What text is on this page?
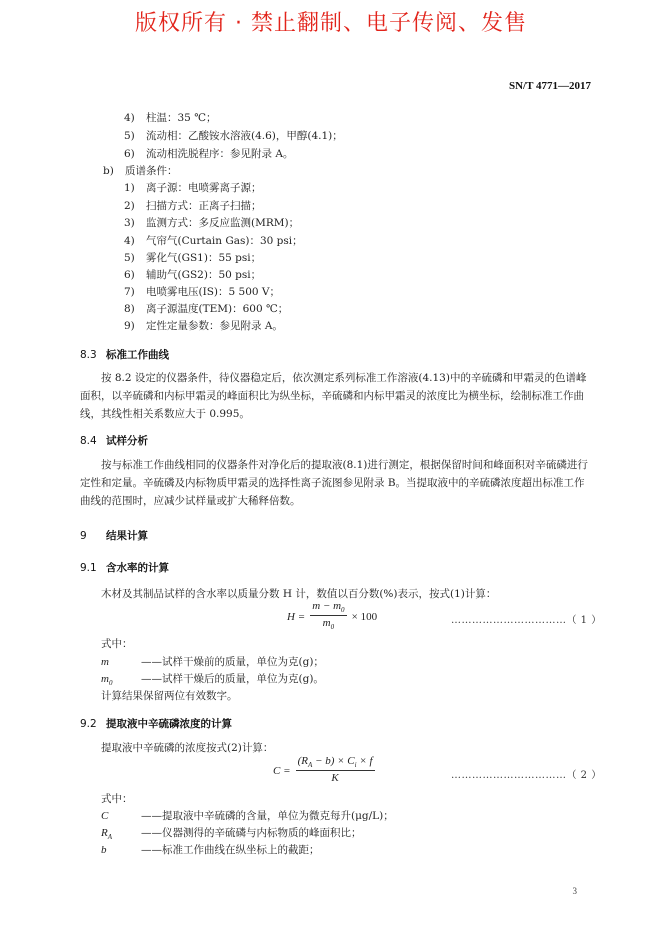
版权所有 · 禁止翻制、电子传阅、发售
SN/T 4771—2017
4) 柱温：35 ℃；
5) 流动相：乙酸铵水溶液(4.6)，甲醇(4.1)；
6) 流动相洗脱程序：参见附录 A。
b) 质谱条件：
1) 离子源：电喷雾离子源；
2) 扫描方式：正离子扫描；
3) 监测方式：多反应监测(MRM)；
4) 气帘气(Curtain Gas)：30 psi；
5) 雾化气(GS1)：55 psi；
6) 辅助气(GS2)：50 psi；
7) 电喷雾电压(IS)：5 500 V；
8) 离子源温度(TEM)：600 ℃；
9) 定性定量参数：参见附录 A。
8.3 标准工作曲线
按 8.2 设定的仪器条件，待仪器稳定后，依次测定系列标准工作溶液(4.13)中的辛硫磷和甲霜灵的色谱峰面积，以辛硫磷和内标甲霜灵的峰面积比为纵坐标，辛硫磷和内标甲霜灵的浓度比为横坐标，绘制标准工作曲线，其线性相关系数应大于 0.995。
8.4 试样分析
按与标准工作曲线相同的仪器条件对净化后的提取液(8.1)进行测定，根据保留时间和峰面积对辛硫磷进行定性和定量。辛硫磷及内标物质甲霜灵的选择性离子流图参见附录 B。当提取液中的辛硫磷浓度超出标准工作曲线的范围时，应减少试样量或扩大稀释倍数。
9 结果计算
9.1 含水率的计算
木材及其制品试样的含水率以质量分数 H 计，数值以百分数(%)表示，按式(1)计算：
$H = \frac{m - m_0}{m_0} \times 100$	……………………………（ 1 ）
式中：
m	——试样干燥前的质量，单位为克(g)；
$m_0$	——试样干燥后的质量，单位为克(g)。
计算结果保留两位有效数字。
9.2 提取液中辛硫磷浓度的计算
提取液中辛硫磷的浓度按式(2)计算：
$C = \frac{(R_A - b) \times C_i \times f}{K}$	……………………………（ 2 ）
式中：
C	——提取液中辛硫磷的含量，单位为微克每升(μg/L)；
$R_A$	——仪器测得的辛硫磷与内标物质的峰面积比；
b	——标准工作曲线在纵坐标上的截距；
3
